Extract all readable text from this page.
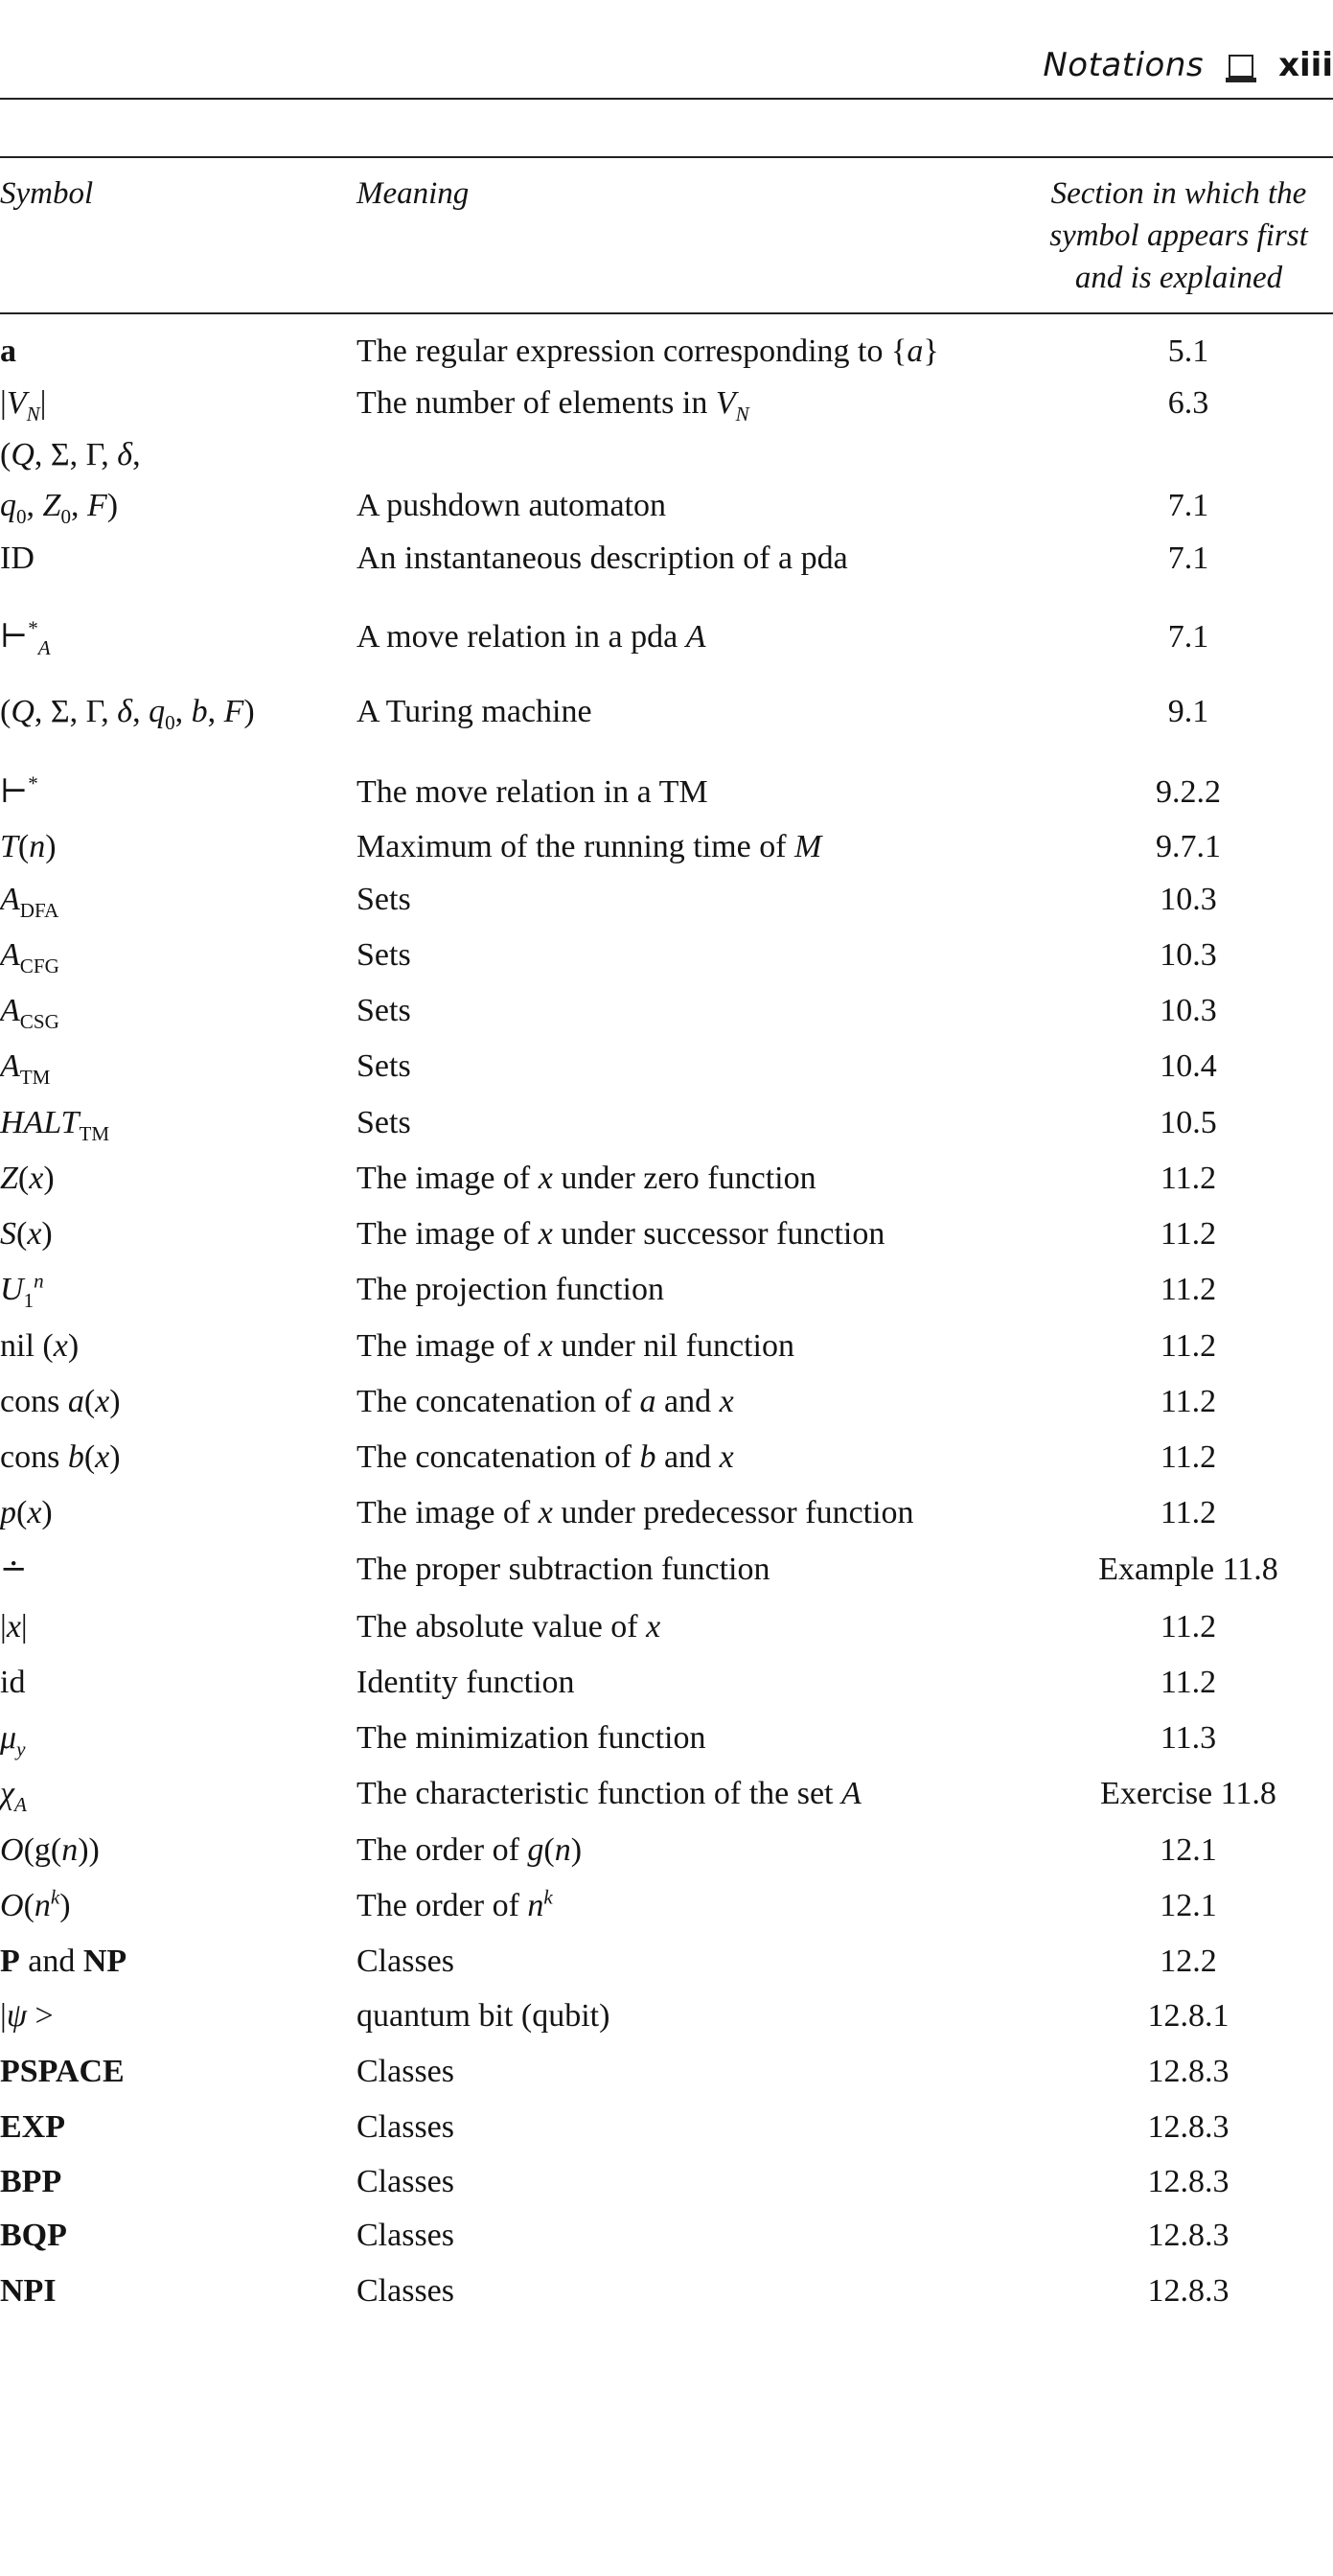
Notations xiii
Symbol	Meaning	Section in which the
symbol appears first
and is explained
a	The regular expression corresponding to {a}	5.1
$|V_N|$	The number of elements in $V_N$	6.3
(Q, Σ, Γ, δ,
$q_0$, $Z_0$, F)	A pushdown automaton	7.1
ID	An instantaneous description of a pda	7.1
$⊢^*_A$	A move relation in a pda A	7.1
(Q, Σ, Γ, δ, $q_0$, b, F)	A Turing machine	9.1
⊢*	The move relation in a TM	9.2.2
T(n)	Maximum of the running time of M	9.7.1
$A_{DFA}$	Sets	10.3
$A_{CFG}$	Sets	10.3
$A_{CSG}$	Sets	10.3
$A_{TM}$	Sets	10.4
$HALT_{TM}$	Sets	10.5
Z(x)	The image of x under zero function	11.2
S(x)	The image of x under successor function	11.2
$U_1^n$	The projection function	11.2
nil (x)	The image of x under nil function	11.2
cons a(x)	The concatenation of a and x	11.2
cons b(x)	The concatenation of b and x	11.2
p(x)	The image of x under predecessor function	11.2
∸	The proper subtraction function	Example 11.8
|x|	The absolute value of x	11.2
id	Identity function	11.2
$\mu_y$	The minimization function	11.3
$\chi_A$	The characteristic function of the set A	Exercise 11.8
O(g(n))	The order of g(n)	12.1
$O(n^k)$	The order of $n^k$	12.1
P and NP	Classes	12.2
|ψ >	quantum bit (qubit)	12.8.1
PSPACE	Classes	12.8.3
EXP	Classes	12.8.3
BPP	Classes	12.8.3
BQP	Classes	12.8.3
NPI	Classes	12.8.3
